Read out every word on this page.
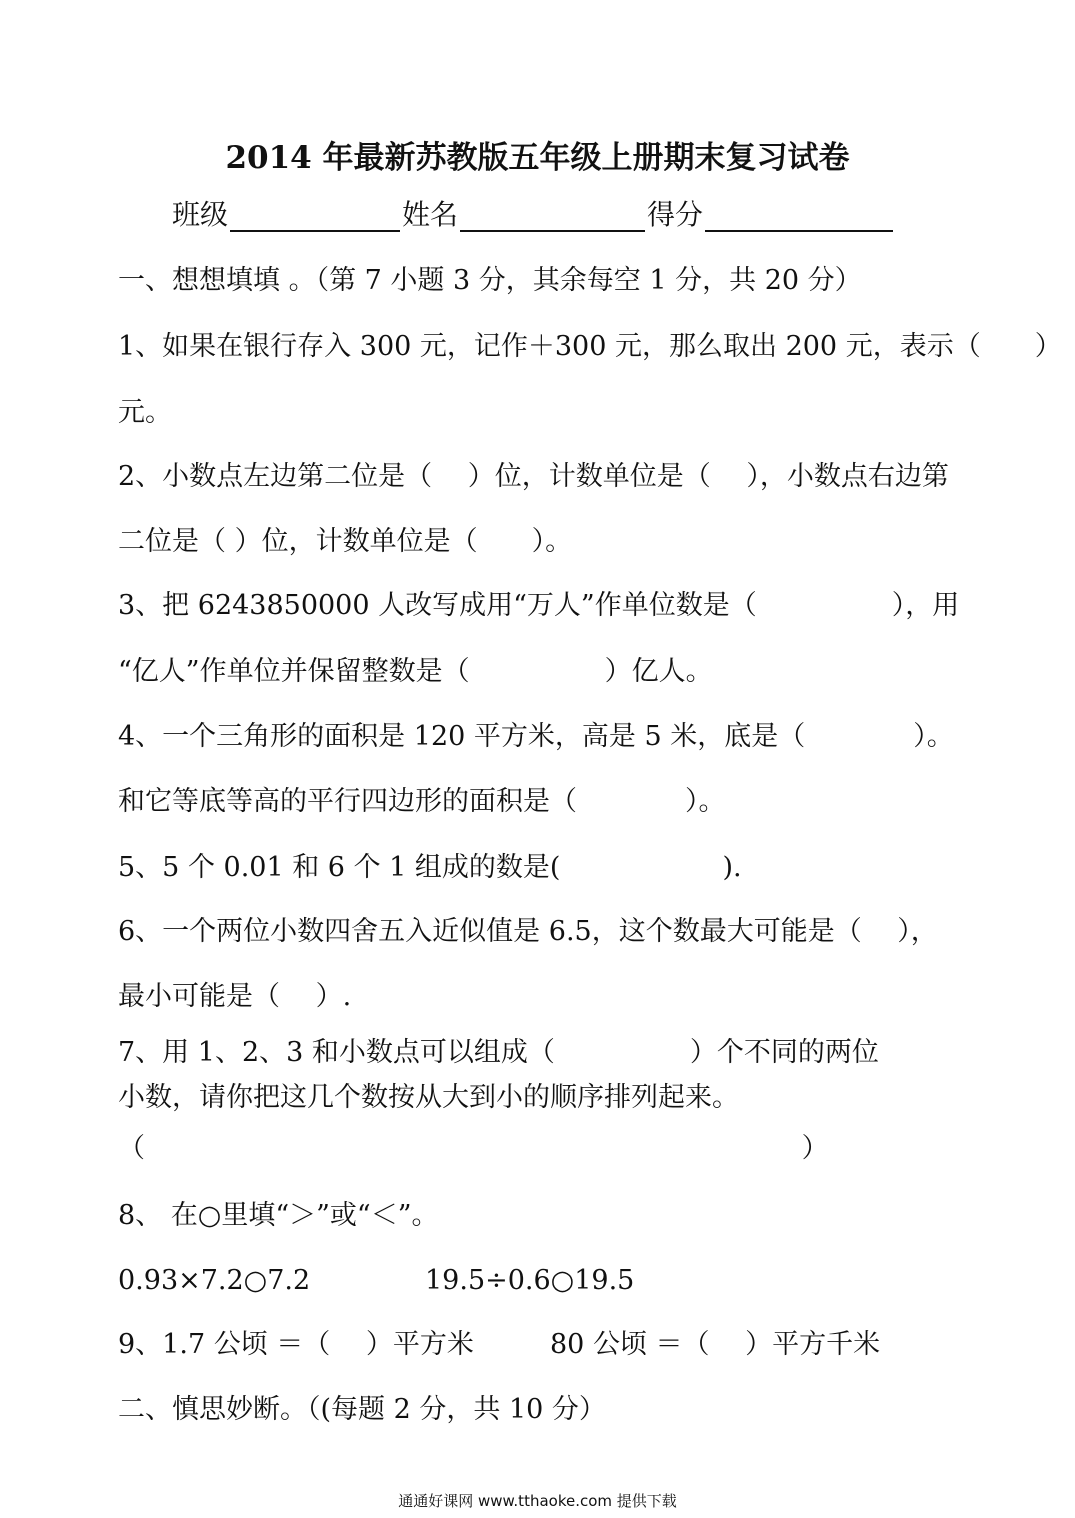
2014 年最新苏教版五年级上册期末复习试卷
班级	姓名	得分
一、想想填填 。（第 7 小题 3 分，其余每空 1 分，共 20 分）
1、如果在银行存入 300 元，记作＋300 元，那么取出 200 元，表示（　　）
元。
2、小数点左边第二位是（　 ）位，计数单位是（　 ），小数点右边第
二位是（ ）位，计数单位是（　　）。
3、把 6243850000 人改写成用“万人”作单位数是（　　　　　），用
“亿人”作单位并保留整数是（　　　　　）亿人。
4、一个三角形的面积是 120 平方米，高是 5 米，底是（　　　　）。
和它等底等高的平行四边形的面积是（　　　　）。
5、5 个 0.01 和 6 个 1 组成的数是(　　　　　　).
6、一个两位小数四舍五入近似值是 6.5，这个数最大可能是（　 ），
最小可能是（　 ）.
7、用 1、2、3 和小数点可以组成（　　　　　）个不同的两位
小数，请你把这几个数按从大到小的顺序排列起来。
（　　　　　　　　　　　　　　　　　　　　　　　　 ）
8、 在○里填“＞”或“＜”。
0.93×7.2○7.2	19.5÷0.6○19.5
9、1.7 公顷 ＝（　 ）平方米	80 公顷 ＝（　 ）平方千米
二、慎思妙断。（(每题 2 分，共 10 分）
通通好课网 www.tthaoke.com 提供下载
